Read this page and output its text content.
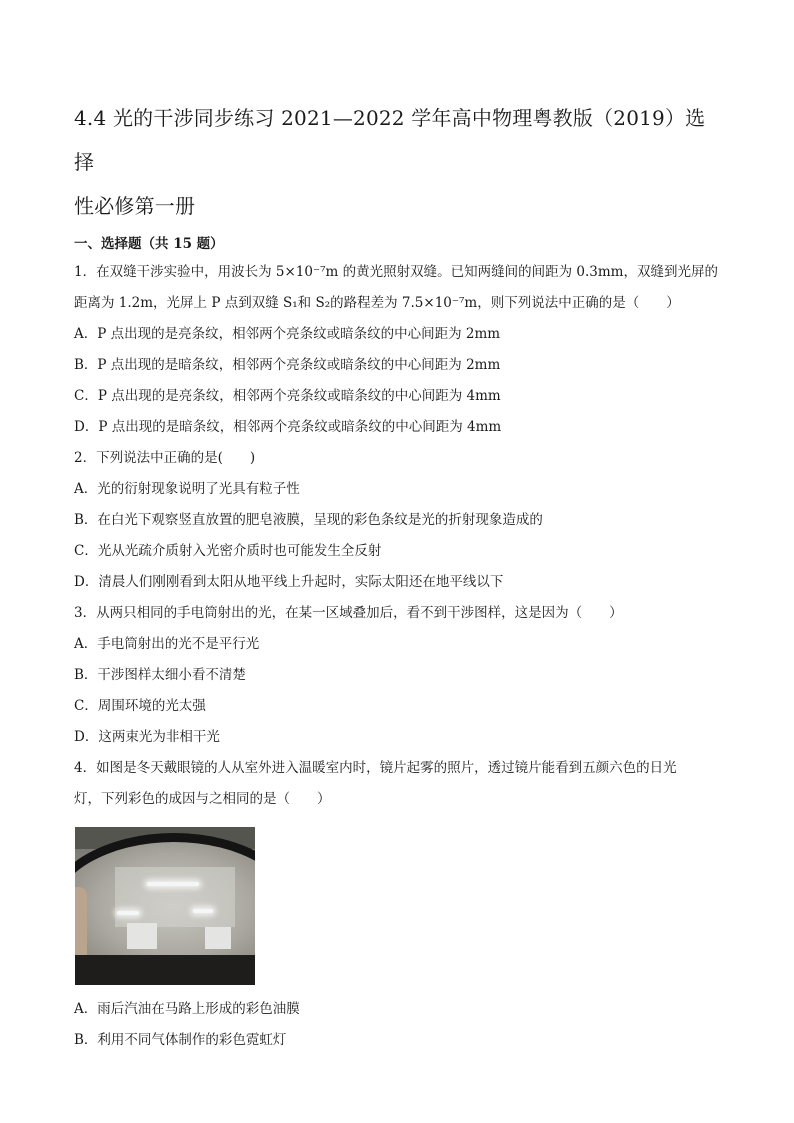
4.4 光的干涉同步练习 2021—2022 学年高中物理粤教版（2019）选择
性必修第一册
一、选择题（共 15 题）
1．在双缝干涉实验中，用波长为 5×10⁻⁷m 的黄光照射双缝。已知两缝间的间距为 0.3mm，双缝到光屏的
距离为 1.2m，光屏上 P 点到双缝 S₁和 S₂的路程差为 7.5×10⁻⁷m，则下列说法中正确的是（　　）
A．P 点出现的是亮条纹，相邻两个亮条纹或暗条纹的中心间距为 2mm
B．P 点出现的是暗条纹，相邻两个亮条纹或暗条纹的中心间距为 2mm
C．P 点出现的是亮条纹，相邻两个亮条纹或暗条纹的中心间距为 4mm
D．P 点出现的是暗条纹，相邻两个亮条纹或暗条纹的中心间距为 4mm
2．下列说法中正确的是(　　)
A．光的衍射现象说明了光具有粒子性
B．在白光下观察竖直放置的肥皂液膜，呈现的彩色条纹是光的折射现象造成的
C．光从光疏介质射入光密介质时也可能发生全反射
D．清晨人们刚刚看到太阳从地平线上升起时，实际太阳还在地平线以下
3．从两只相同的手电筒射出的光，在某一区域叠加后，看不到干涉图样，这是因为（　　）
A．手电筒射出的光不是平行光
B．干涉图样太细小看不清楚
C．周围环境的光太强
D．这两束光为非相干光
4．如图是冬天戴眼镜的人从室外进入温暖室内时，镜片起雾的照片，透过镜片能看到五颜六色的日光
灯，下列彩色的成因与之相同的是（　　）
A．雨后汽油在马路上形成的彩色油膜
B．利用不同气体制作的彩色霓虹灯
